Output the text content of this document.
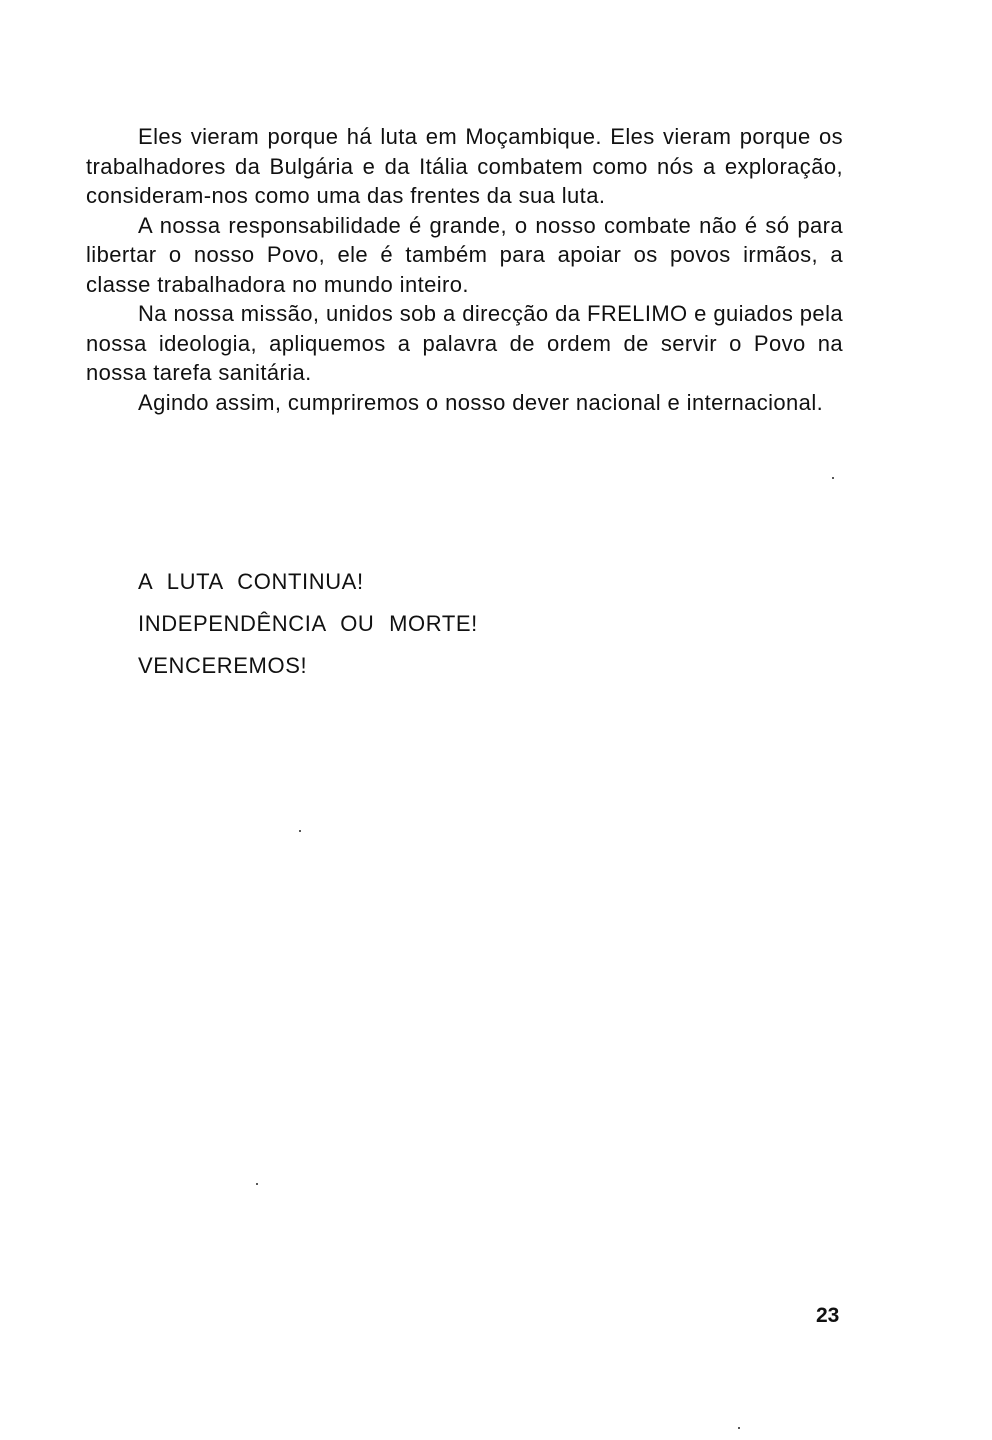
Eles vieram porque há luta em Moçambique. Eles vieram porque os trabalhadores da Bulgária e da Itália combatem como nós a exploração, consideram-nos como uma das frentes da sua luta.

A nossa responsabilidade é grande, o nosso combate não é só para libertar o nosso Povo, ele é também para apoiar os povos irmãos, a classe trabalhadora no mundo inteiro.

Na nossa missão, unidos sob a direcção da FRELIMO e guiados pela nossa ideologia, apliquemos a palavra de ordem de servir o Povo na nossa tarefa sanitária.

Agindo assim, cumpriremos o nosso dever nacional e internacional.

A LUTA CONTINUA!

INDEPENDÊNCIA OU MORTE!

VENCEREMOS!

23
